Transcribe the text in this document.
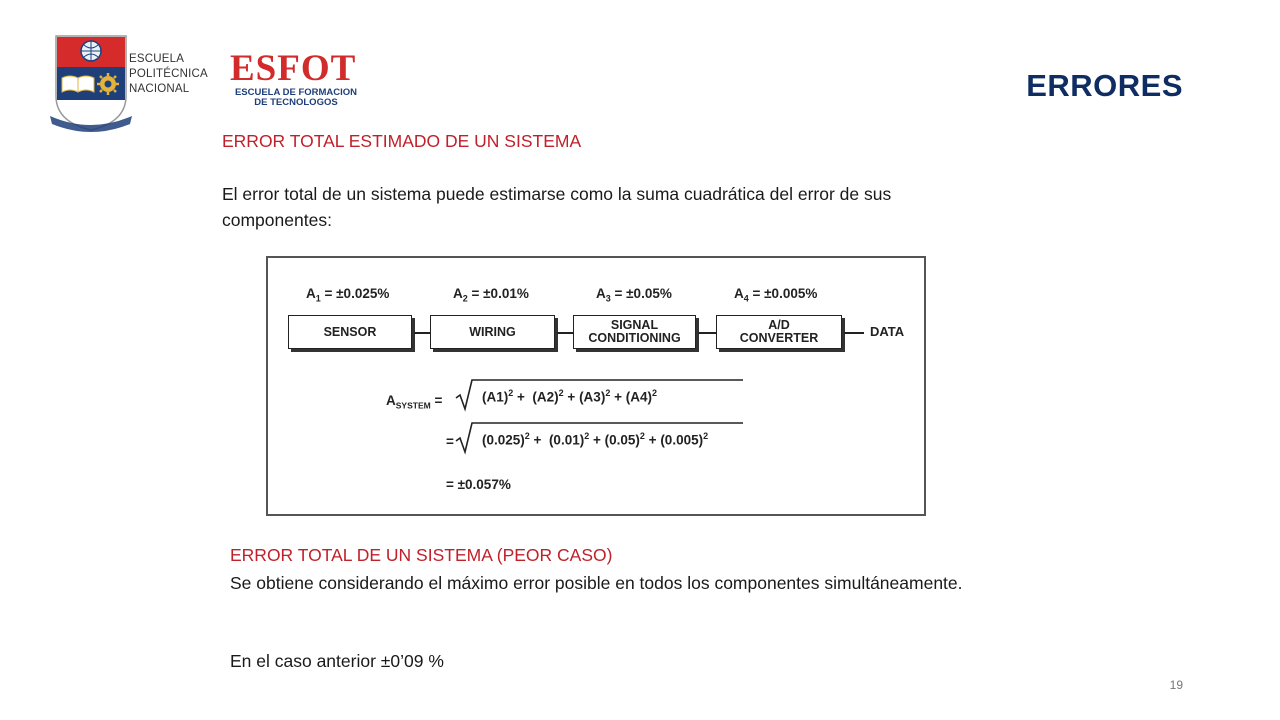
ESCUELA
POLITÉCNICA
NACIONAL	ESFOT
ESCUELA DE FORMACION
DE TECNOLOGOS	ERRORES
ERROR TOTAL ESTIMADO DE UN SISTEMA
El error total de un sistema puede estimarse como la suma cuadrática del error de sus componentes:
$A_1 = \pm 0.025\%$	$A_2 = \pm 0.01\%$	$A_3 = \pm 0.05\%$	$A_4 = \pm 0.005\%$
SENSOR	WIRING	SIGNAL
CONDITIONING
A/D
CONVERTER	DATA
$A_{SYSTEM}$ =	$(A1)^2 + (A2)^2 + (A3)^2 + (A4)^2$
= $(0.025)^2 + (0.01)^2 + (0.05)^2 + (0.005)^2$
= ±0.057%
ERROR TOTAL DE UN SISTEMA (PEOR CASO)
Se obtiene considerando el máximo error posible en todos los componentes simultáneamente.
En el caso anterior ±0’09 %
19
